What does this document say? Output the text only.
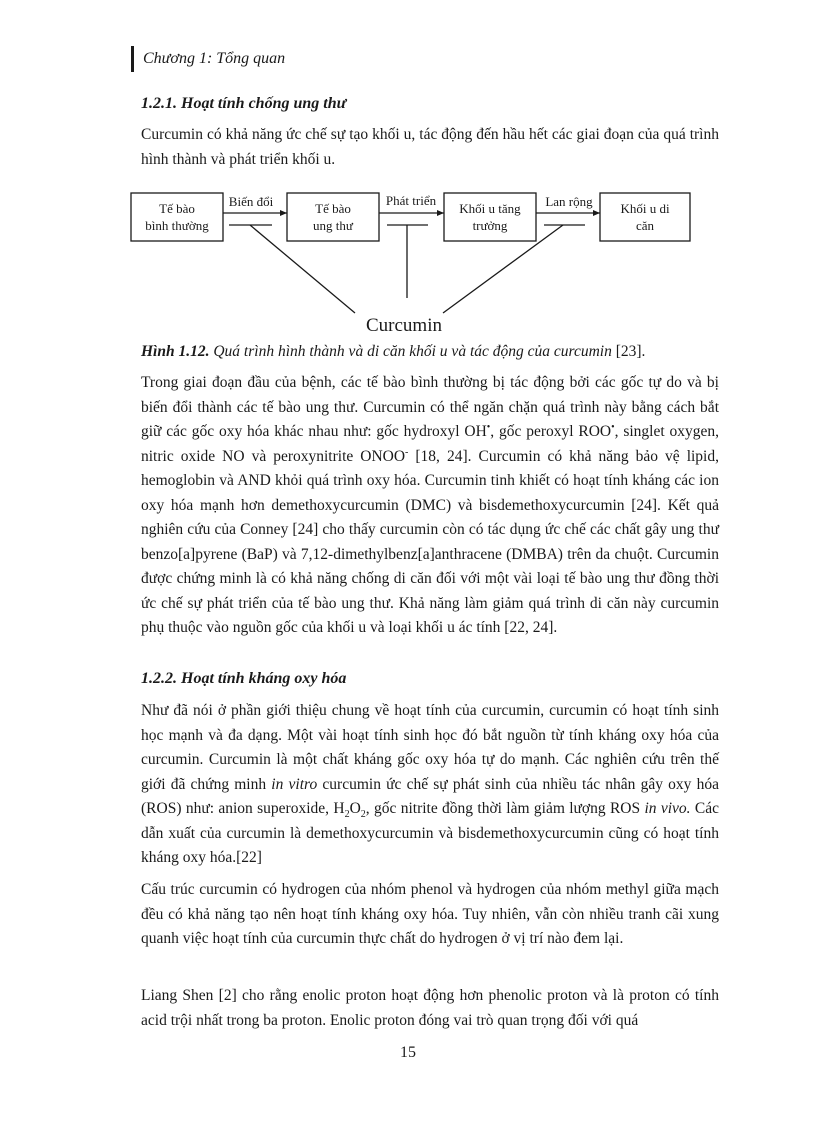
Chương 1: Tổng quan
1.2.1. Hoạt tính chống ung thư

Curcumin có khả năng ức chế sự tạo khối u, tác động đến hầu hết các giai đoạn của quá trình hình thành và phát triển khối u.

Tế bào
bình thường
Tế bào
ung thư
Khối u tăng
trưởng
Khối u di
căn
Biến đổi	Phát triển	Lan rộng
Curcumin
Hình 1.12. Quá trình hình thành và di căn khối u và tác động của curcumin [23].

Trong giai đoạn đầu của bệnh, các tế bào bình thường bị tác động bởi các gốc tự do và bị biến đổi thành các tế bào ung thư. Curcumin có thể ngăn chặn quá trình này bằng cách bắt giữ các gốc oxy hóa khác nhau như: gốc hydroxyl OH•, gốc peroxyl ROO•, singlet oxygen, nitric oxide NO và peroxynitrite ONOO- [18, 24]. Curcumin có khả năng bảo vệ lipid, hemoglobin và AND khỏi quá trình oxy hóa. Curcumin tinh khiết có hoạt tính kháng các ion oxy hóa mạnh hơn demethoxycurcumin (DMC) và bisdemethoxycurcumin [24]. Kết quả nghiên cứu của Conney [24] cho thấy curcumin còn có tác dụng ức chế các chất gây ung thư benzo[a]pyrene (BaP) và 7,12-dimethylbenz[a]anthracene (DMBA) trên da chuột. Curcumin được chứng minh là có khả năng chống di căn đối với một vài loại tế bào ung thư đồng thời ức chế sự phát triển của tế bào ung thư. Khả năng làm giảm quá trình di căn này curcumin phụ thuộc vào nguồn gốc của khối u và loại khối u ác tính [22, 24].

1.2.2. Hoạt tính kháng oxy hóa

Như đã nói ở phần giới thiệu chung về hoạt tính của curcumin, curcumin có hoạt tính sinh học mạnh và đa dạng. Một vài hoạt tính sinh học đó bắt nguồn từ tính kháng oxy hóa của curcumin. Curcumin là một chất kháng gốc oxy hóa tự do mạnh. Các nghiên cứu trên thế giới đã chứng minh in vitro curcumin ức chế sự phát sinh của nhiều tác nhân gây oxy hóa (ROS) như: anion superoxide, $H_2O_2$, gốc nitrite đồng thời làm giảm lượng ROS in vivo. Các dẫn xuất của curcumin là demethoxycurcumin và bisdemethoxycurcumin cũng có hoạt tính kháng oxy hóa.[22]

Cấu trúc curcumin có hydrogen của nhóm phenol và hydrogen của nhóm methyl giữa mạch đều có khả năng tạo nên hoạt tính kháng oxy hóa. Tuy nhiên, vẫn còn nhiều tranh cãi xung quanh việc hoạt tính của curcumin thực chất do hydrogen ở vị trí nào đem lại.

Liang Shen [2] cho rằng enolic proton hoạt động hơn phenolic proton và là proton có tính acid trội nhất trong ba proton. Enolic proton đóng vai trò quan trọng đối với quá

15
